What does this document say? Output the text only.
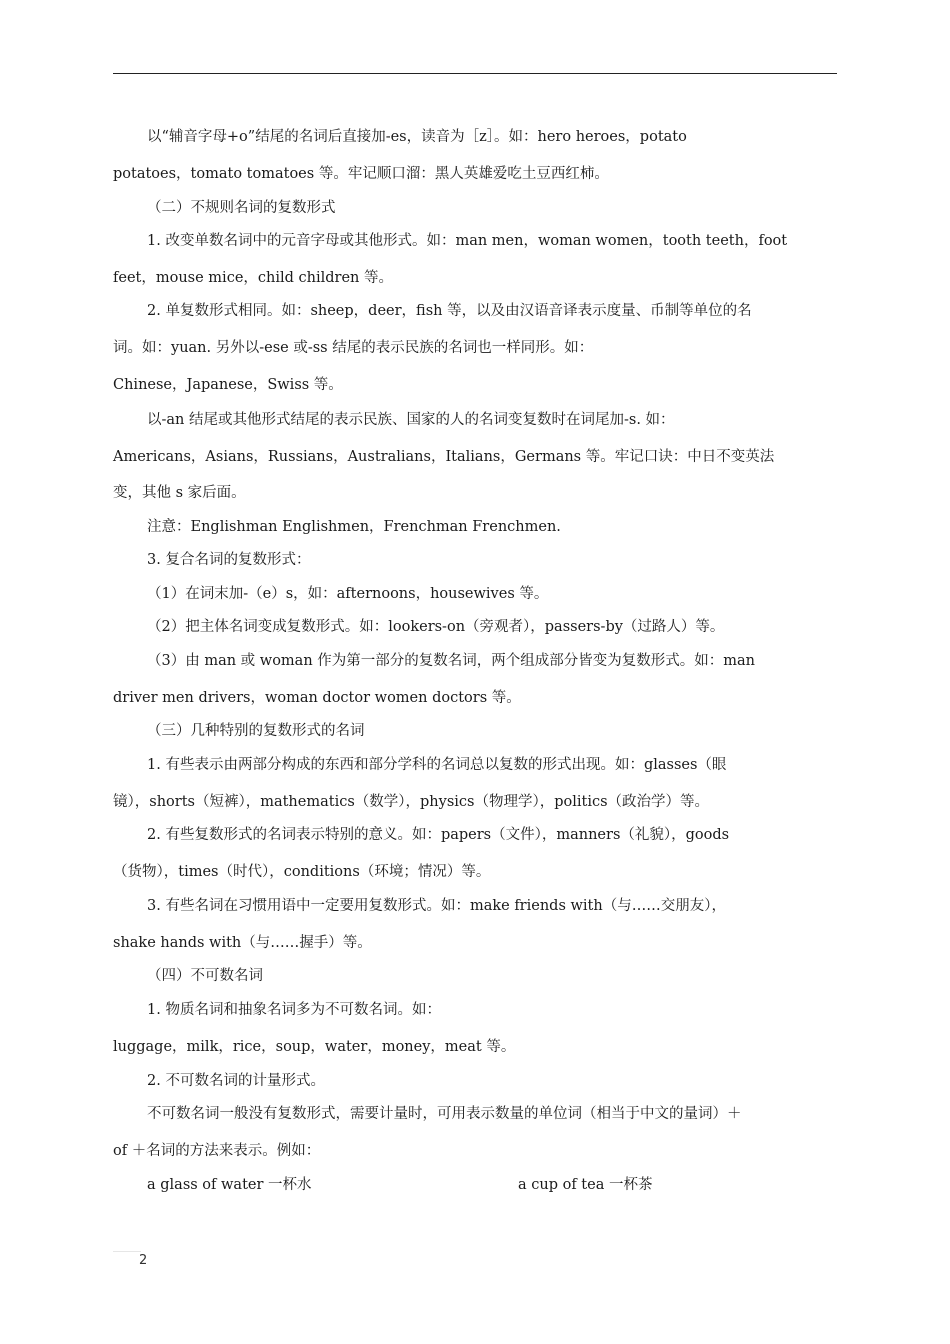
以“辅音字母+o”结尾的名词后直接加-es，读音为［z］。如：hero heroes，potato
potatoes，tomato tomatoes 等。牢记顺口溜：黑人英雄爱吃土豆西红柿。
（二）不规则名词的复数形式
1. 改变单数名词中的元音字母或其他形式。如：man men，woman women，tooth teeth，foot
feet，mouse mice，child children 等。
2. 单复数形式相同。如：sheep，deer，fish 等，以及由汉语音译表示度量、币制等单位的名
词。如：yuan. 另外以-ese 或-ss 结尾的表示民族的名词也一样同形。如：
Chinese，Japanese，Swiss 等。
以-an 结尾或其他形式结尾的表示民族、国家的人的名词变复数时在词尾加-s. 如：
Americans，Asians，Russians，Australians，Italians，Germans 等。牢记口诀：中日不变英法
变，其他 s 家后面。
注意：Englishman Englishmen，Frenchman Frenchmen.
3. 复合名词的复数形式：
（1）在词末加-（e）s，如：afternoons，housewives 等。
（2）把主体名词变成复数形式。如：lookers-on（旁观者），passers-by（过路人）等。
（3）由 man 或 woman 作为第一部分的复数名词，两个组成部分皆变为复数形式。如：man
driver men drivers，woman doctor women doctors 等。
（三）几种特别的复数形式的名词
1. 有些表示由两部分构成的东西和部分学科的名词总以复数的形式出现。如：glasses（眼
镜），shorts（短裤），mathematics（数学），physics（物理学），politics（政治学）等。
2. 有些复数形式的名词表示特别的意义。如：papers（文件），manners（礼貌），goods
（货物），times（时代），conditions（环境；情况）等。
3. 有些名词在习惯用语中一定要用复数形式。如：make friends with（与……交朋友），
shake hands with（与……握手）等。
（四）不可数名词
1. 物质名词和抽象名词多为不可数名词。如：
luggage，milk，rice，soup，water，money，meat 等。
2. 不可数名词的计量形式。
不可数名词一般没有复数形式，需要计量时，可用表示数量的单位词（相当于中文的量词）＋
of ＋名词的方法来表示。例如：
a glass of water 一杯水	a cup of tea 一杯茶
2
